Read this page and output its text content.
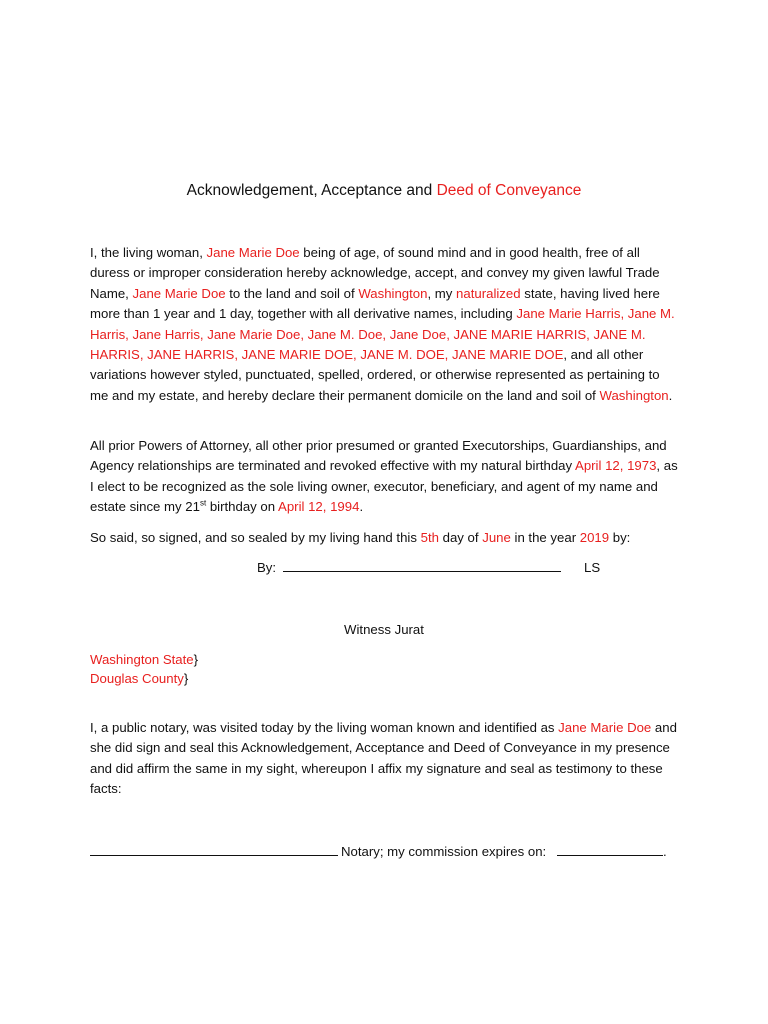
Acknowledgement, Acceptance and Deed of Conveyance
I, the living woman, Jane Marie Doe being of age, of sound mind and in good health, free of all duress or improper consideration hereby acknowledge, accept, and convey my given lawful Trade Name, Jane Marie Doe to the land and soil of Washington, my naturalized state, having lived here more than 1 year and 1 day, together with all derivative names, including Jane Marie Harris, Jane M. Harris, Jane Harris, Jane Marie Doe, Jane M. Doe, Jane Doe, JANE MARIE HARRIS, JANE M. HARRIS, JANE HARRIS, JANE MARIE DOE, JANE M. DOE, JANE MARIE DOE, and all other variations however styled, punctuated, spelled, ordered, or otherwise represented as pertaining to me and my estate, and hereby declare their permanent domicile on the land and soil of Washington.
All prior Powers of Attorney, all other prior presumed or granted Executorships, Guardianships, and Agency relationships are terminated and revoked effective with my natural birthday April 12, 1973, as I elect to be recognized as the sole living owner, executor, beneficiary, and agent of my name and estate since my 21st birthday on April 12, 1994.
So said, so signed, and so sealed by my living hand this 5th day of June in the year 2019 by:
By:	LS
Witness Jurat
Washington State}
Douglas County}
I, a public notary, was visited today by the living woman known and identified as Jane Marie Doe and she did sign and seal this Acknowledgement, Acceptance and Deed of Conveyance in my presence and did affirm the same in my sight, whereupon I affix my signature and seal as testimony to these facts:
Notary; my commission expires on:	.
